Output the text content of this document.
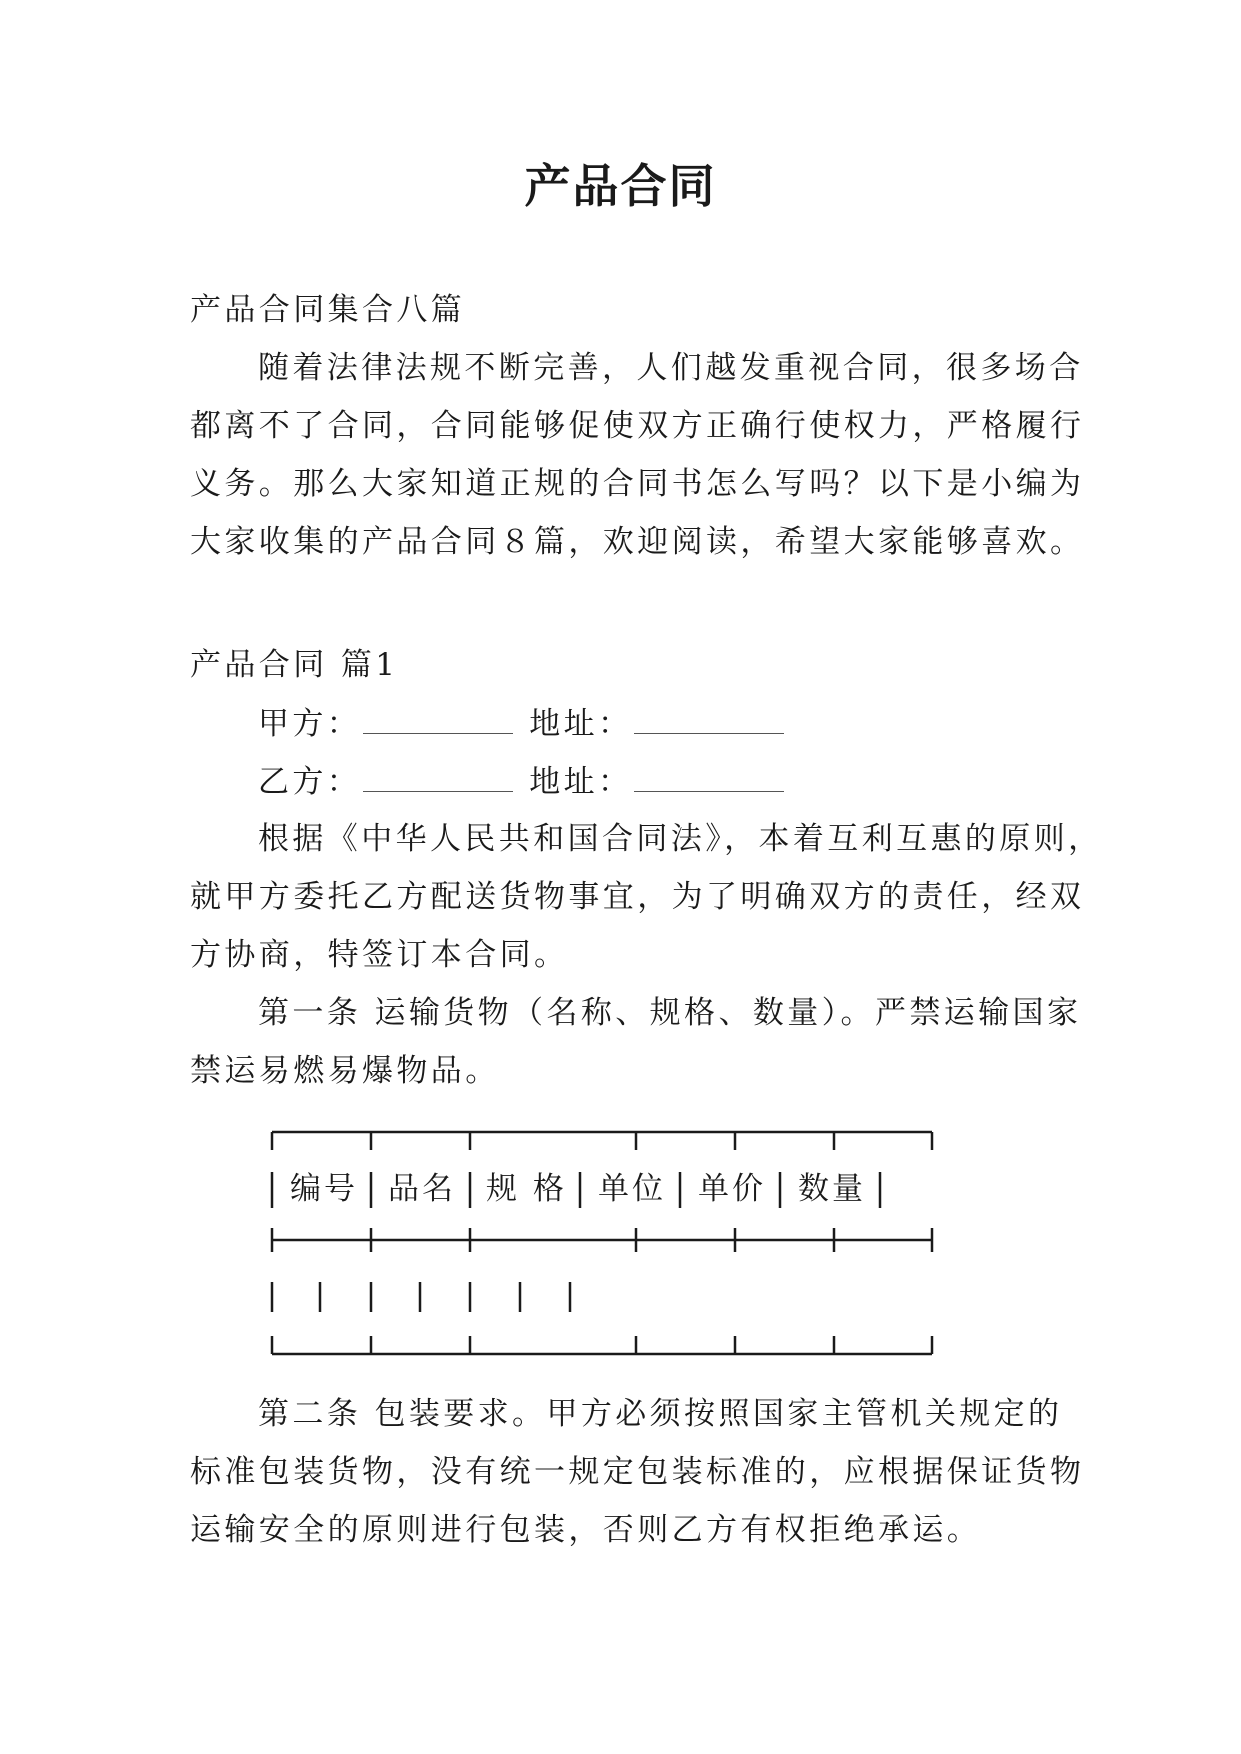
产品合同
产品合同集合八篇
随着法律法规不断完善，人们越发重视合同，很多场合
都离不了合同，合同能够促使双方正确行使权力，严格履行
义务。那么大家知道正规的合同书怎么写吗？以下是小编为
大家收集的产品合同８篇，欢迎阅读，希望大家能够喜欢。
产品合同 篇1
甲方：	地址：
乙方：	地址：
根据《中华人民共和国合同法》，本着互利互惠的原则，
就甲方委托乙方配送货物事宜，为了明确双方的责任，经双
方协商，特签订本合同。
第一条 运输货物（名称、规格、数量）。严禁运输国家
禁运易燃易爆物品。
编号 品名 规 格 单位 单价 数量
第二条 包装要求。甲方必须按照国家主管机关规定的
标准包装货物，没有统一规定包装标准的，应根据保证货物
运输安全的原则进行包装，否则乙方有权拒绝承运。
